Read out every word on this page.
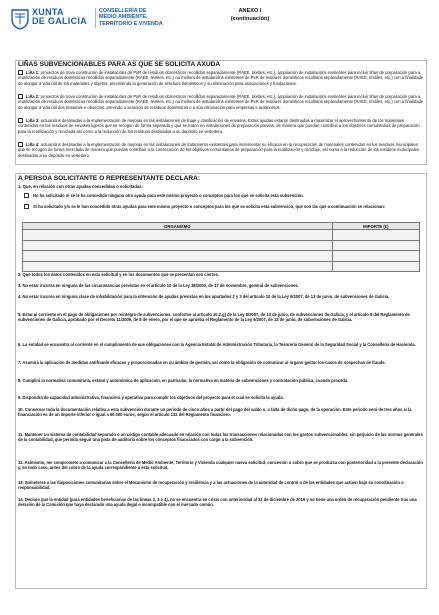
XUNTA
DE GALICIA
CONSELLERÍA DE
MEDIO AMBIENTE,
TERRITORIO E VIVENDA
ANEXO I
(continuación)
LIÑAS SUBVENCIONABLES PARA AS QUE SE SOLICITA AXUDA
Liña 1: proxectos de nova construción de instalacións de PxR de residuos domésticos recollidos separadamente (RAEE, téxtiles, etc.), ampliación de instalacións existentes para incluír liñas de preparación para a reutilización de residuos domésticos recollidos separadamente (RAEE, téxtiles, etc.) ou mellora de instalacións existentes de PxR de residuos domésticos recollidos separadamente (RAEE, téxtiles, etc.) con a finalidade de alongar a vida útil de los materiales y objetos, previniendo la generación de residuos domésticos y su eliminación para asociaciones y fundaciones.
Liña 2: proxectos de nova construción de instalacións de PxR de residuos domésticos recollidos separadamente (RAEE, téxtiles, etc.), ampliación de instalacións existentes para incluír liñas de preparación para a reutilización de residuos domésticos recollidos separadamente (RAEE, téxtiles, etc.) ou mellora de instalacións existentes de PxR de residuos domésticos recollidos separadamente (RAEE, téxtiles, etc.) con a finalidade de alongar a vida útil dos materiais e obxectos, previndo a xeración de residuos domésticos e a súa eliminación para empresas e autónomos.
Liña 3: actuacións destinadas a la implementación de mejoras en las instalaciones de triaje y clasificación de envases. Estas ayudas estarán destinadas a maximizar el aprovechamiento de los materiales contenidos en los residuos de envases ligeros que se recogen de forma separada y que se traten en instalaciones de preparación previas, de manera que puedan contribuir a los objetivos comunitarios de preparación para la reutilización y reciclado así como a la reducción de los residuos destinados a su depósito en vertedero.
Liña 4: actuacións destinadas a la implementación de mejoras en las instalaciones de tratamiento existentes para incrementar su eficacia en la recuperación de materiales contenidos en los residuos municipales que se recogen de forma mezclada de manera que puedan contribuir a la consecución de los objetivos comunitarios de preparación para la reutilización y reciclaje, así como a la reducción de los residuos municipales destinados a su depósito en vertedero.
A PERSOA SOLICITANTE O REPRESENTANTE DECLARA:
1. Que, en relación con otras ayudas concedidas o solicitadas:
No ha solicitado ni se le ha concedido ninguna otra ayuda para este mismo proyecto o conceptos para los que se solicita esta subvención.
Sí ha solicitado y/o se le han concedido otras ayudas para este mismo proyecto o conceptos para los que se solicita esta subvención, que son las que a continuación se relacionan:
ORGANISMO	IMPORTE (€)

2. Que todos los datos contenidos en esta solicitud y en los documentos que se presentan son ciertos.
3. No estar incursa en ninguna de las circunstancias previstas en el artículo 10 de la Ley 38/2003, de 17 de noviembre, general de subvenciones.
4. No estar incursa en ninguna clase de inhabilitación para la obtención de ayudas previstas en los apartados 2 y 3 del artículo 10 de la Ley 9/2007, de 13 de junio, de subvenciones de Galicia.
5. Estar al corriente en el pago de obligaciones por reintegro de subvenciones, conforme al artículo 10.2.g) de la Ley 9/2007, de 13 de junio, de subvenciones de Galicia, y el artículo 9 del Reglamento de subvenciones de Galicia, aprobado por el Decreto 11/2009, de 8 de enero, por el que se aprueba el Reglamento de la Ley 9/2007, de 13 de junio, de subvenciones de Galicia.
6. La entidad se encuentra al corriente en el cumplimiento de sus obligaciones con la Agencia Estatal de Administración Tributaria, la Tesorería General de la Seguridad Social y la Consellería de Hacienda.
7. Asumirá la aplicación de medidas antifraude eficaces y proporcionadas en su ámbito de gestión, así como la obligación de comunicar al órgano gestor los casos de sospechas de fraude.
8. Cumplirá la normativa comunitaria, estatal y autonómica de aplicación, en particular, la normativa en materia de subvenciones y contratación pública, cuando proceda.
9. Dispondrá de capacidad administrativa, financiera y operativa para cumplir los objetivos del proyecto para el cual se solicita la ayuda.
10. Conservar toda la documentación relativa a esta subvención durante un periodo de cinco años a partir del pago del saldo o, a falta de dicho pago, de la operación. Este periodo será de tres años si la financiación es de un importe inferior o igual a 60.000 euros, según el artículo 132 del Reglamento financiero.
11. Mantener un sistema de contabilidad separado o un código contable adecuado en relación con todas las transacciones relacionadas con los gastos subvencionables, sin perjuicio de las normas generales de la contabilidad, que permita seguir una pista de auditoría sobre los conceptos financiados con cargo a la subvención.
12. Asimismo, me comprometo a comunicar a la Consellería de Medio Ambiente, Territorio y Vivienda cualquier nueva solicitud, concesión o cobro que se produzca con posterioridad a la presente declaración y, en todo caso, antes del cobro de la ayuda correspondiente a esta solicitud.
13. Someterse a las disposiciones comunitarias sobre el Mecanismo de recuperación y resiliencia y a las actuaciones de la autoridad de control o de las entidades que actúen bajo su coordinación o responsabilidad.
14. Declaro que la entidad (para entidades beneficiarias de las líneas 2, 3 e 4), no se encuentra en crisis con anterioridad al 31 de diciembre de 2019 y no tiene una orden de recuperación pendiente tras una decisión de la Comisión que haya declarado una ayuda ilegal e incompatible con el mercado común.
